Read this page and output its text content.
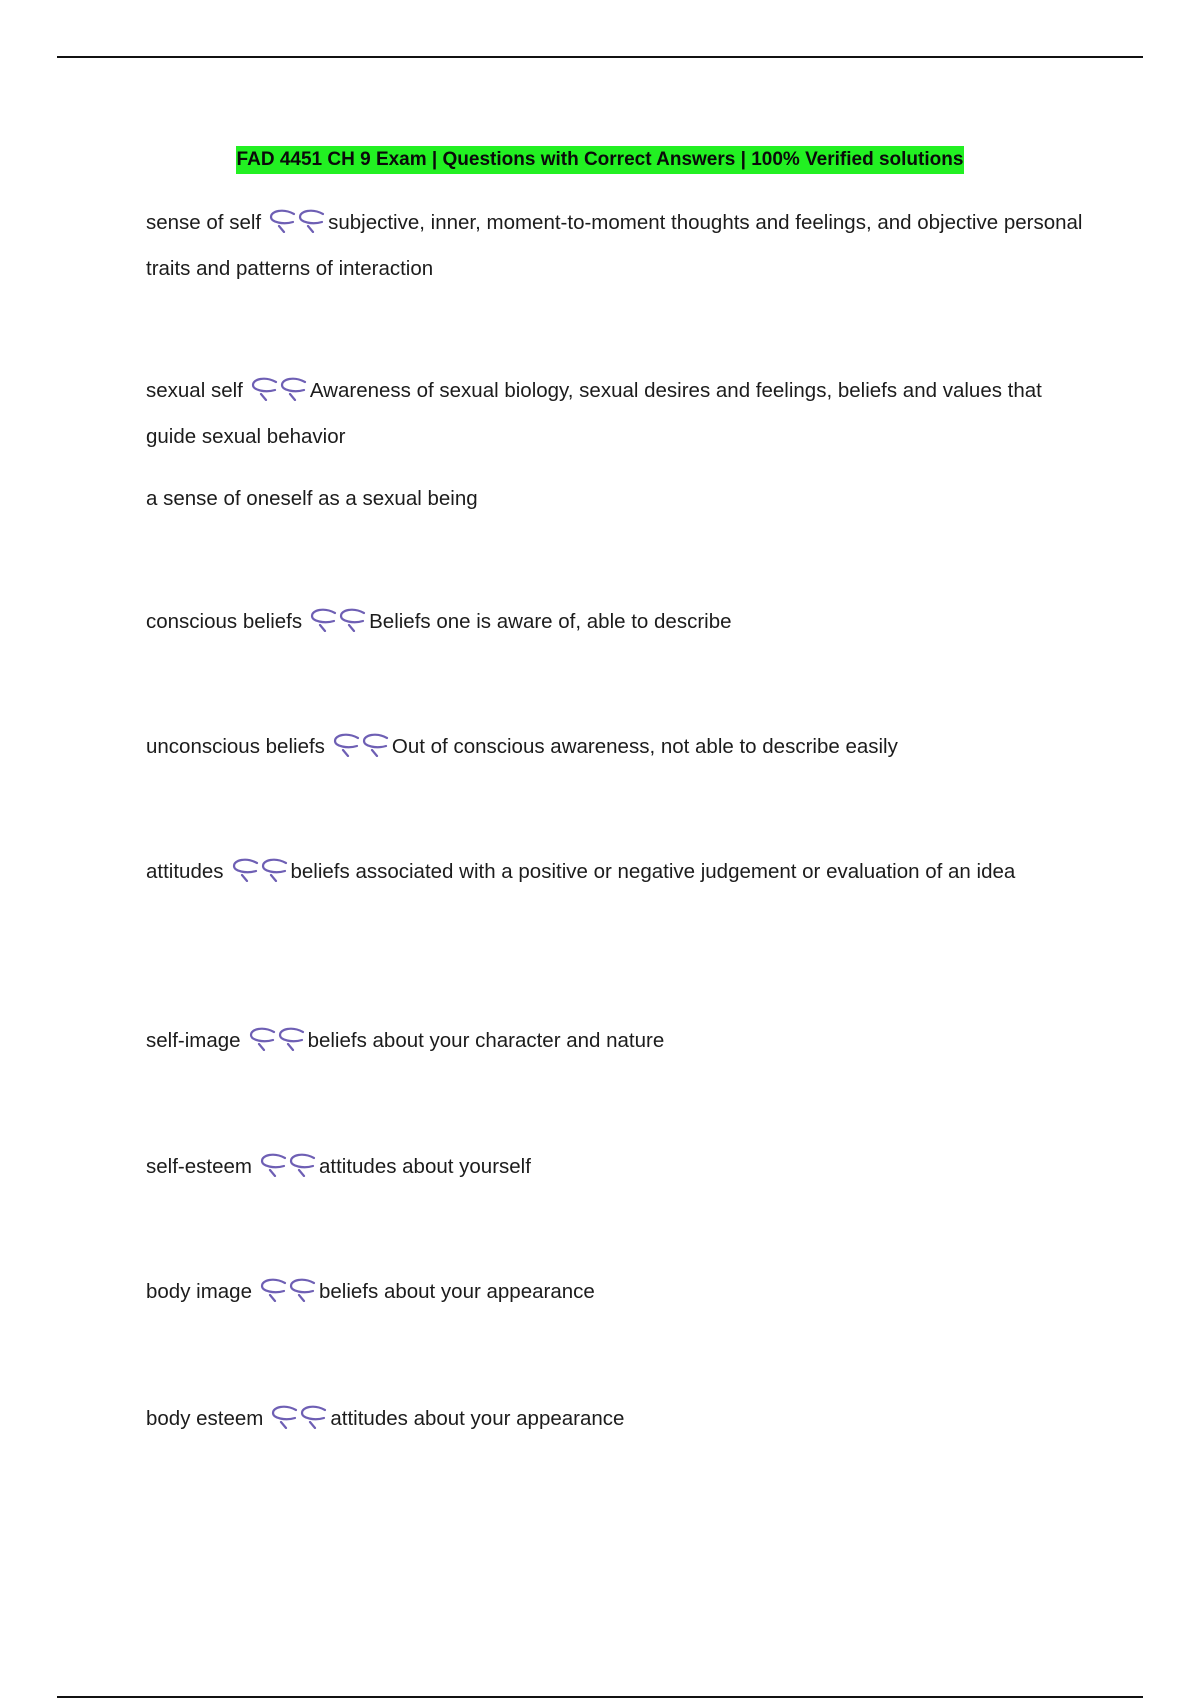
FAD 4451 CH 9 Exam | Questions with Correct Answers | 100% Verified solutions

sense of self	subjective, inner, moment-to-moment thoughts and feelings, and objective personal traits and patterns of interaction

sexual self	Awareness of sexual biology, sexual desires and feelings, beliefs and values that guide sexual behavior

a sense of oneself as a sexual being

conscious beliefs	Beliefs one is aware of, able to describe

unconscious beliefs	Out of conscious awareness, not able to describe easily

attitudes	beliefs associated with a positive or negative judgement or evaluation of an idea

self-image	beliefs about your character and nature

self-esteem	attitudes about yourself

body image	beliefs about your appearance

body esteem	attitudes about your appearance
